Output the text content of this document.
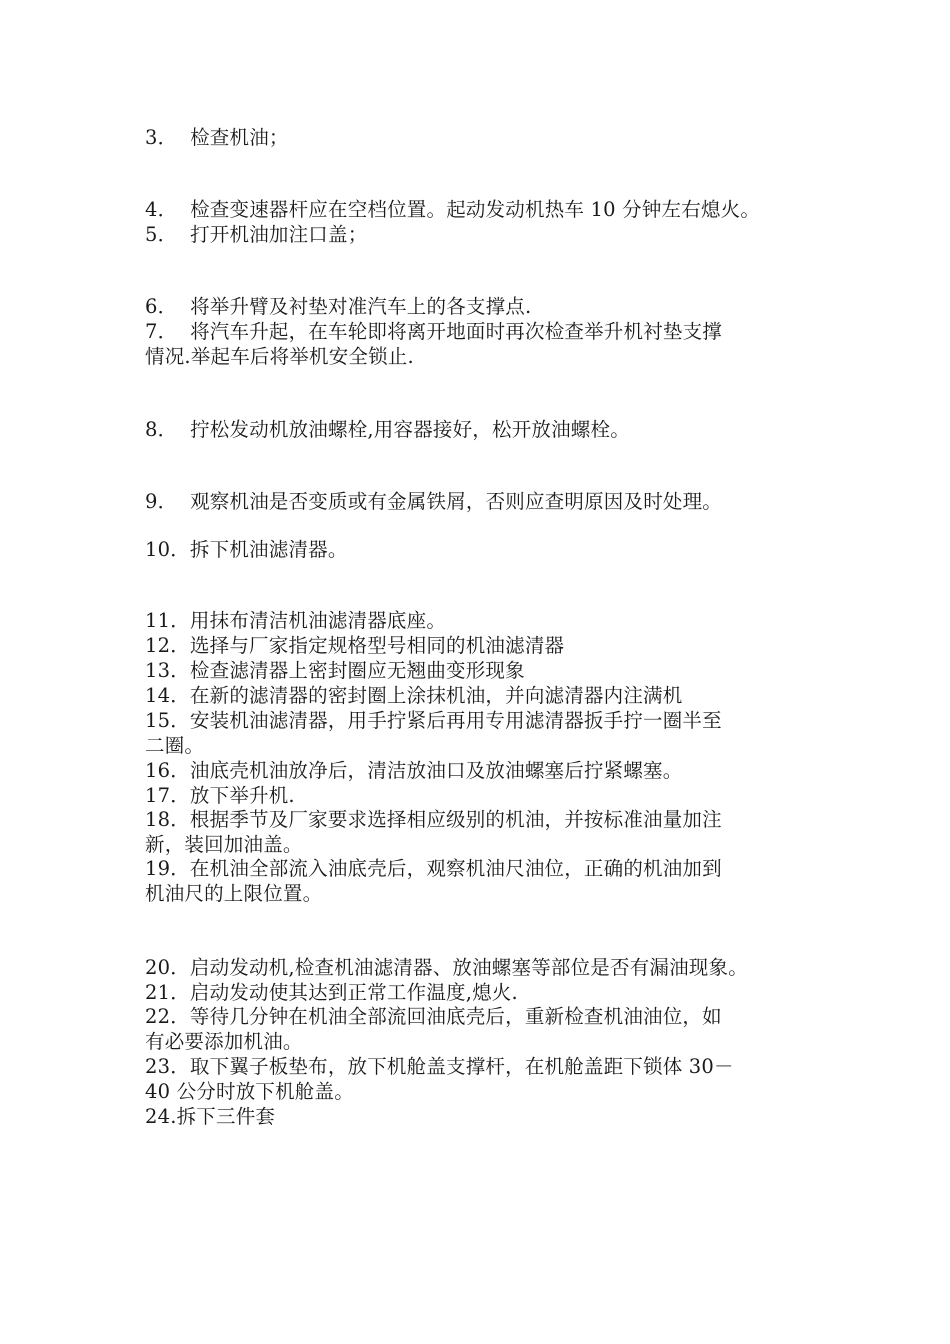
3．  检查机油；
4．  检查变速器杆应在空档位置。起动发动机热车 10 分钟左右熄火。
5．  打开机油加注口盖；
6．  将举升臂及衬垫对准汽车上的各支撑点.
7．  将汽车升起，在车轮即将离开地面时再次检查举升机衬垫支撑
情况.举起车后将举机安全锁止.
8．  拧松发动机放油螺栓,用容器接好，松开放油螺栓。
9．  观察机油是否变质或有金属铁屑，否则应查明原因及时处理。
10．拆下机油滤清器。
11．用抹布清洁机油滤清器底座。
12．选择与厂家指定规格型号相同的机油滤清器
13．检查滤清器上密封圈应无翘曲变形现象
14．在新的滤清器的密封圈上涂抹机油，并向滤清器内注满机
15．安装机油滤清器，用手拧紧后再用专用滤清器扳手拧一圈半至
二圈。
16．油底壳机油放净后，清洁放油口及放油螺塞后拧紧螺塞。
17．放下举升机.
18．根据季节及厂家要求选择相应级别的机油，并按标准油量加注
新，装回加油盖。
19．在机油全部流入油底壳后，观察机油尺油位，正确的机油加到
机油尺的上限位置。
20．启动发动机,检查机油滤清器、放油螺塞等部位是否有漏油现象。
21．启动发动使其达到正常工作温度,熄火.
22．等待几分钟在机油全部流回油底壳后，重新检查机油油位，如
有必要添加机油。
23．取下翼子板垫布，放下机舱盖支撑杆，在机舱盖距下锁体 30－
40 公分时放下机舱盖。
24.拆下三件套
